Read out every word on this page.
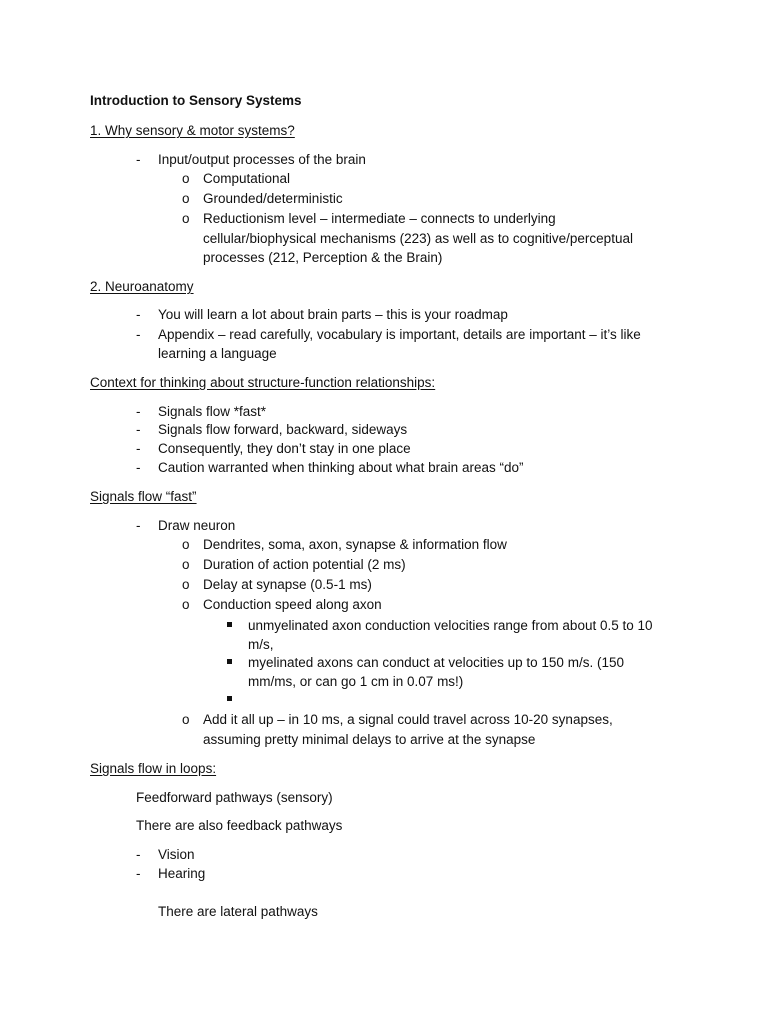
Introduction to Sensory Systems
1. Why sensory & motor systems?
- Input/output processes of the brain
o Computational
o Grounded/deterministic
o Reductionism level – intermediate – connects to underlying
cellular/biophysical mechanisms (223) as well as to cognitive/perceptual
processes (212, Perception & the Brain)
2. Neuroanatomy
- You will learn a lot about brain parts – this is your roadmap
- Appendix – read carefully, vocabulary is important, details are important – it’s like
learning a language
Context for thinking about structure-function relationships:
- Signals flow *fast*
- Signals flow forward, backward, sideways
- Consequently, they don’t stay in one place
- Caution warranted when thinking about what brain areas “do”
Signals flow “fast”
- Draw neuron
o Dendrites, soma, axon, synapse & information flow
o Duration of action potential (2 ms)
o Delay at synapse (0.5-1 ms)
o Conduction speed along axon
unmyelinated axon conduction velocities range from about 0.5 to 10
m/s,
myelinated axons can conduct at velocities up to 150 m/s. (150
mm/ms, or can go 1 cm in 0.07 ms!)
o Add it all up – in 10 ms, a signal could travel across 10-20 synapses,
assuming pretty minimal delays to arrive at the synapse
Signals flow in loops:
Feedforward pathways (sensory)
There are also feedback pathways
- Vision
- Hearing
There are lateral pathways
